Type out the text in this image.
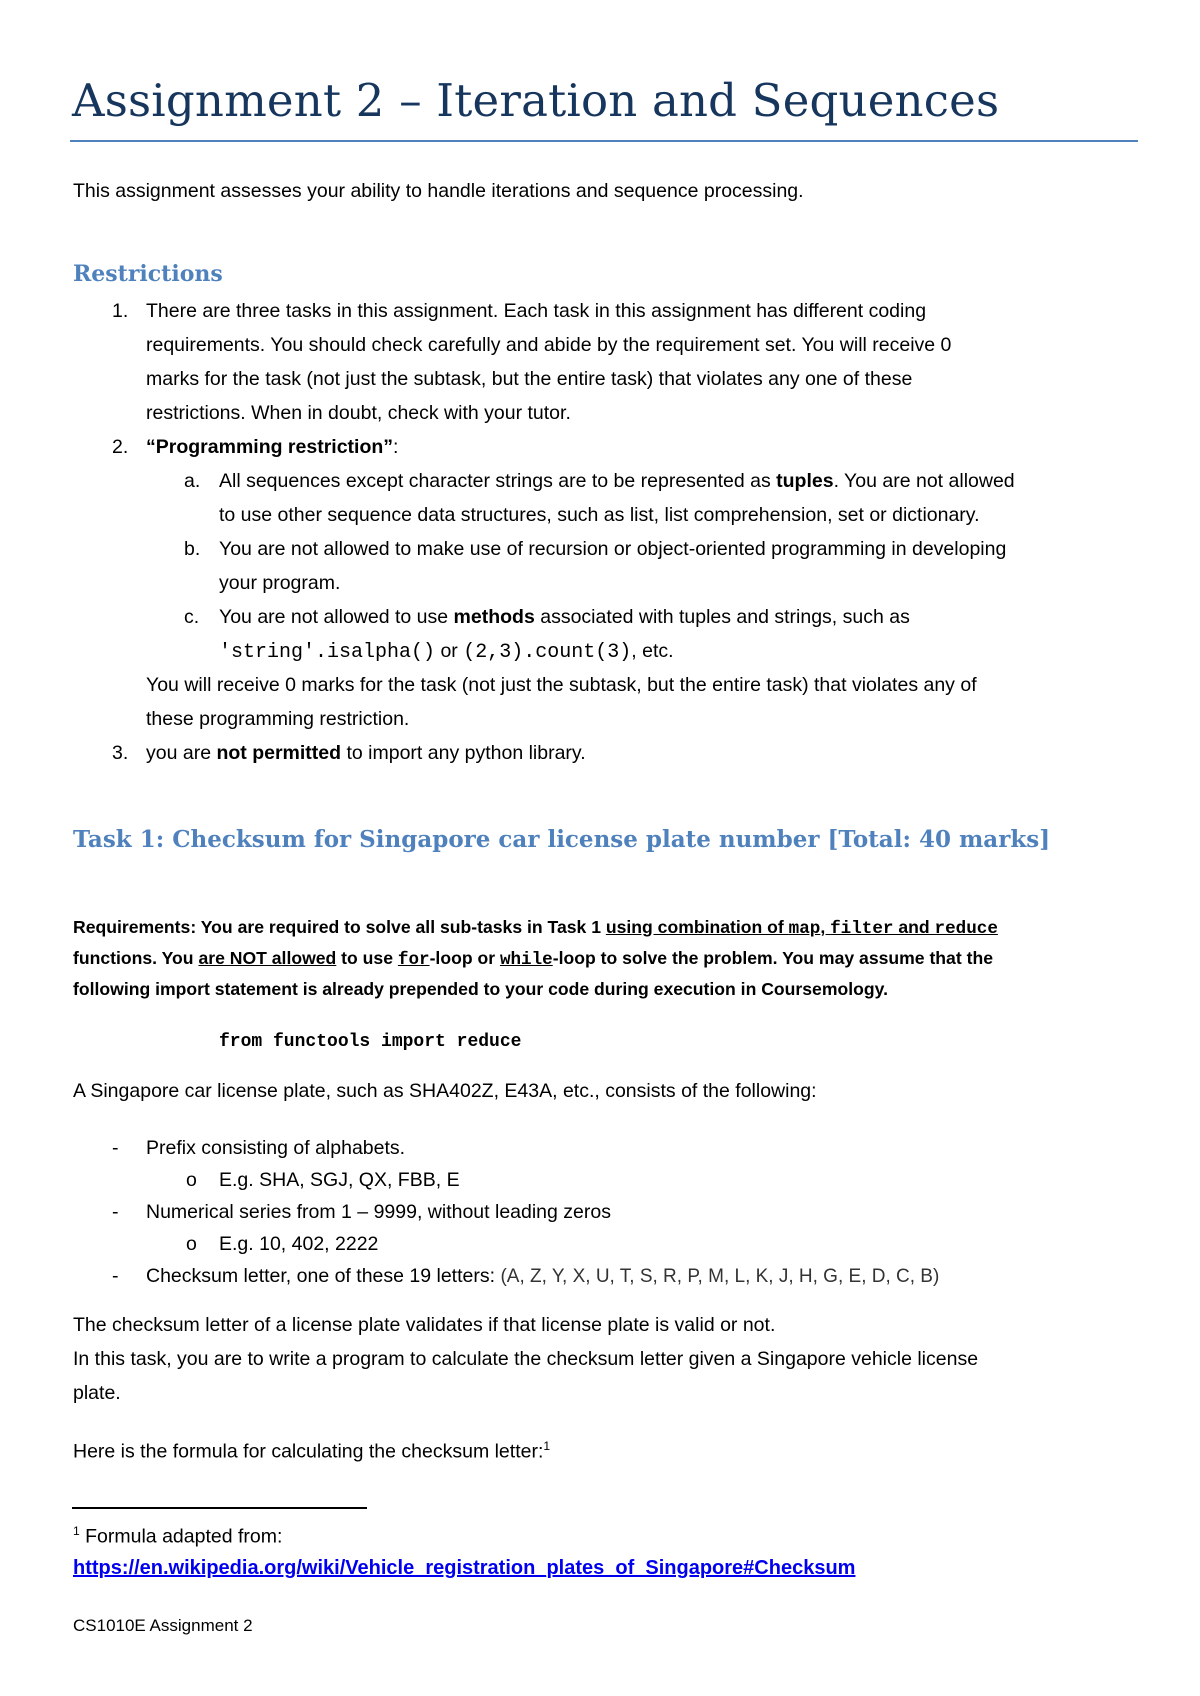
Assignment 2 – Iteration and Sequences

This assignment assesses your ability to handle iterations and sequence processing.

Restrictions
1. There are three tasks in this assignment. Each task in this assignment has different coding
requirements. You should check carefully and abide by the requirement set. You will receive 0
marks for the task (not just the subtask, but the entire task) that violates any one of these
restrictions. When in doubt, check with your tutor.
2. “Programming restriction”:
a. All sequences except character strings are to be represented as tuples. You are not allowed
to use other sequence data structures, such as list, list comprehension, set or dictionary.
b. You are not allowed to make use of recursion or object-oriented programming in developing
your program.
c. You are not allowed to use methods associated with tuples and strings, such as
'string'.isalpha() or (2,3).count(3), etc.
You will receive 0 marks for the task (not just the subtask, but the entire task) that violates any of
these programming restriction.
3. you are not permitted to import any python library.
Task 1: Checksum for Singapore car license plate number [Total: 40 marks]
Requirements: You are required to solve all sub-tasks in Task 1 using combination of map, filter and reduce
functions. You are NOT allowed to use for-loop or while-loop to solve the problem. You may assume that the
following import statement is already prepended to your code during execution in Coursemology.
from functools import reduce
A Singapore car license plate, such as SHA402Z, E43A, etc., consists of the following:
- Prefix consisting of alphabets.
o E.g. SHA, SGJ, QX, FBB, E
- Numerical series from 1 – 9999, without leading zeros
o E.g. 10, 402, 2222
- Checksum letter, one of these 19 letters: (A, Z, Y, X, U, T, S, R, P, M, L, K, J, H, G, E, D, C, B)
The checksum letter of a license plate validates if that license plate is valid or not.
In this task, you are to write a program to calculate the checksum letter given a Singapore vehicle license
plate.
Here is the formula for calculating the checksum letter:$^1$
$^1$ Formula adapted from:
https://en.wikipedia.org/wiki/Vehicle_registration_plates_of_Singapore#Checksum
CS1010E Assignment 2
